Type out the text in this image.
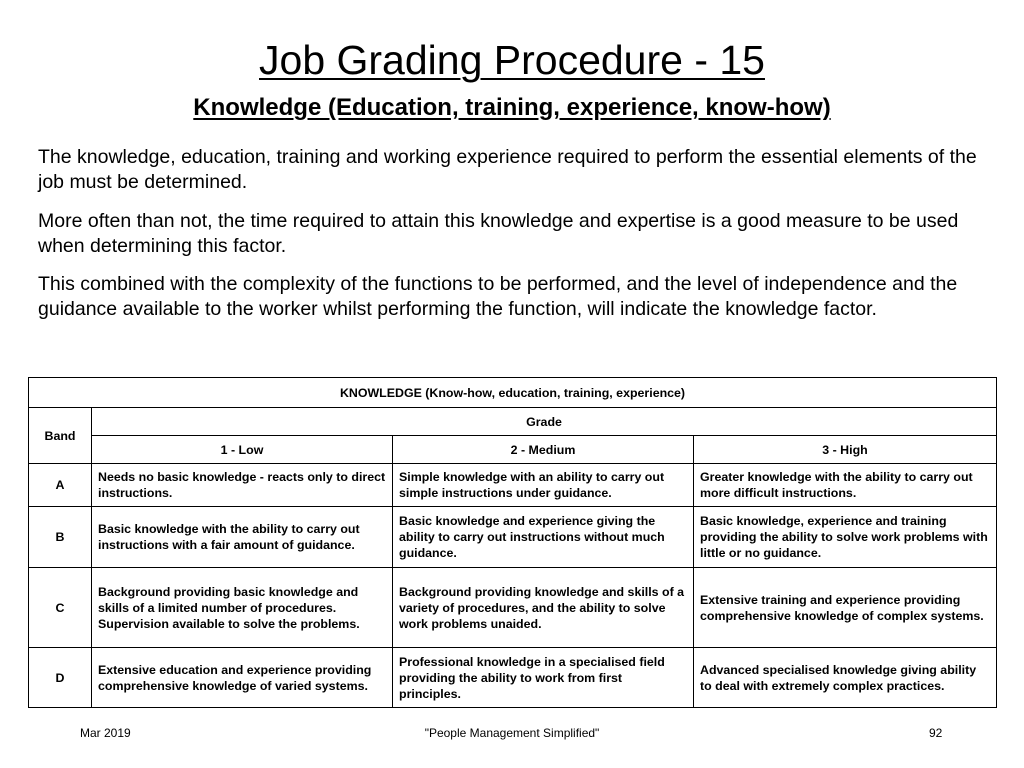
Job Grading Procedure - 15
Knowledge (Education, training, experience, know-how)

The knowledge, education, training and working experience required to perform the essential elements of the job must be determined.

More often than not, the time required to attain this knowledge and expertise is a good measure to be used when determining this factor.

This combined with the complexity of the functions to be performed, and the level of independence and the guidance available to the worker whilst performing the function, will indicate the knowledge factor.

KNOWLEDGE (Know-how, education, training, experience)			
Band	Grade		
	1 - Low	2 - Medium	3 - High
A	Needs no basic knowledge - reacts only to direct instructions.	Simple knowledge with an ability to carry out simple instructions under guidance.	Greater knowledge with the ability to carry out more difficult instructions.
B	Basic knowledge with the ability to carry out instructions with a fair amount of guidance.	Basic knowledge and experience giving the ability to carry out instructions without much guidance.	Basic knowledge, experience and training providing the ability to solve work problems with little or no guidance.
C	Background providing basic knowledge and skills of a limited number of procedures. Supervision available to solve the problems.	Background providing knowledge and skills of a variety of procedures, and the ability to solve work problems unaided.	Extensive training and experience providing comprehensive knowledge of complex systems.
D	Extensive education and experience providing comprehensive knowledge of varied systems.	Professional knowledge in a specialised field providing the ability to work from first principles.	Advanced specialised knowledge giving ability to deal with extremely complex practices.
Mar 2019	"People Management Simplified"	92
